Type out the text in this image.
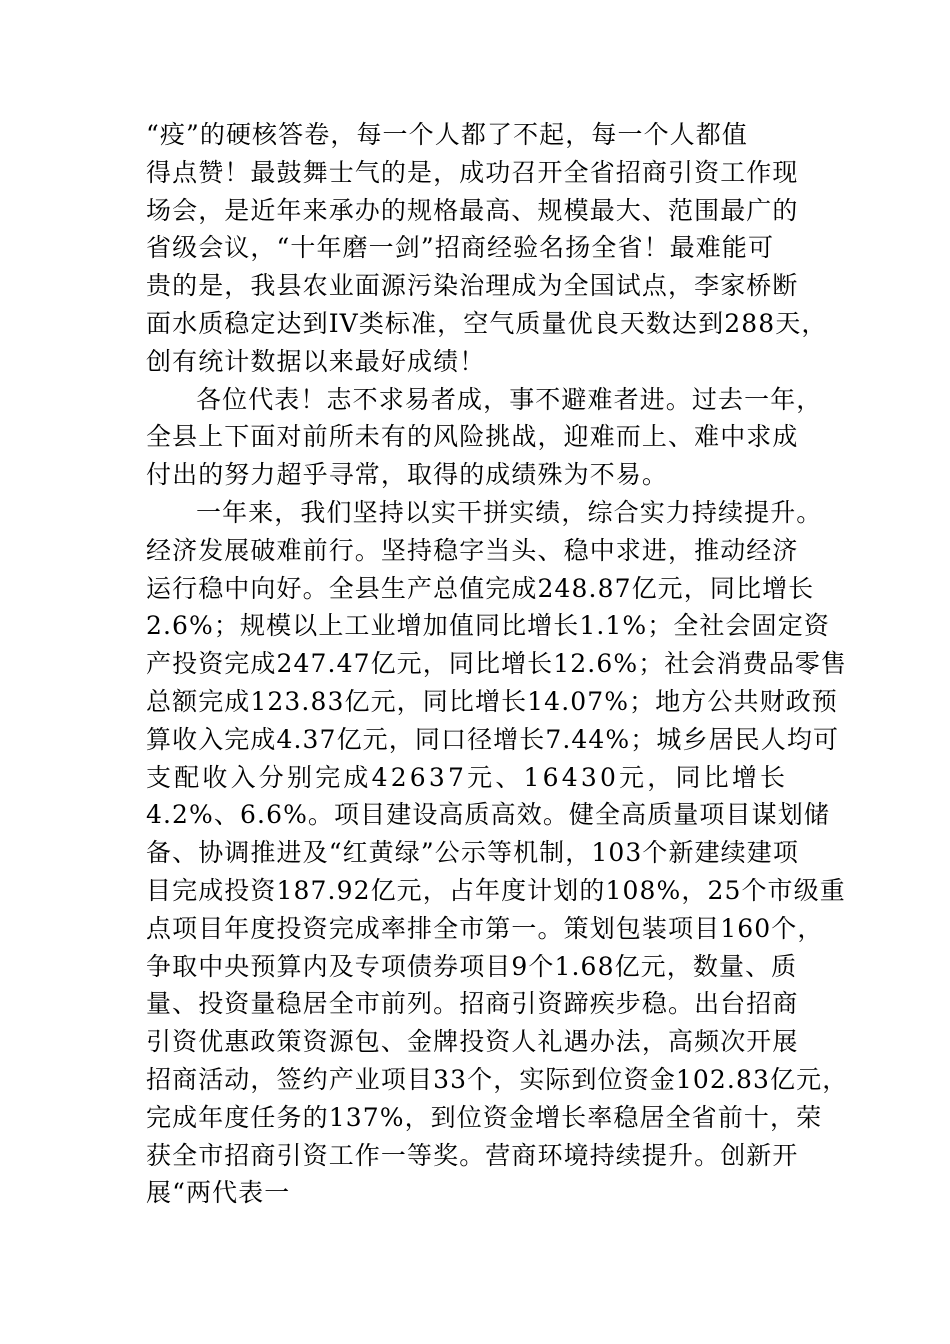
“疫”的硬核答卷，每一个人都了不起，每一个人都值
得点赞！最鼓舞士气的是，成功召开全省招商引资工作现
场会，是近年来承办的规格最高、规模最大、范围最广的
省级会议，“十年磨一剑”招商经验名扬全省！最难能可
贵的是，我县农业面源污染治理成为全国试点，李家桥断
面水质稳定达到IV类标准，空气质量优良天数达到288天，
创有统计数据以来最好成绩！
各位代表！志不求易者成，事不避难者进。过去一年，
全县上下面对前所未有的风险挑战，迎难而上、难中求成
付出的努力超乎寻常，取得的成绩殊为不易。
一年来，我们坚持以实干拼实绩，综合实力持续提升。
经济发展破难前行。坚持稳字当头、稳中求进，推动经济
运行稳中向好。全县生产总值完成248.87亿元，同比增长
2.6%；规模以上工业增加值同比增长1.1%；全社会固定资
产投资完成247.47亿元，同比增长12.6%；社会消费品零售
总额完成123.83亿元，同比增长14.07%；地方公共财政预
算收入完成4.37亿元，同口径增长7.44%；城乡居民人均可
支配收入分别完成42637元、16430元，同比增长
4.2%、6.6%。项目建设高质高效。健全高质量项目谋划储
备、协调推进及“红黄绿”公示等机制，103个新建续建项
目完成投资187.92亿元，占年度计划的108%，25个市级重
点项目年度投资完成率排全市第一。策划包装项目160个，
争取中央预算内及专项债券项目9个1.68亿元，数量、质
量、投资量稳居全市前列。招商引资蹄疾步稳。出台招商
引资优惠政策资源包、金牌投资人礼遇办法，高频次开展
招商活动，签约产业项目33个，实际到位资金102.83亿元，
完成年度任务的137%，到位资金增长率稳居全省前十，荣
获全市招商引资工作一等奖。营商环境持续提升。创新开
展“两代表一
